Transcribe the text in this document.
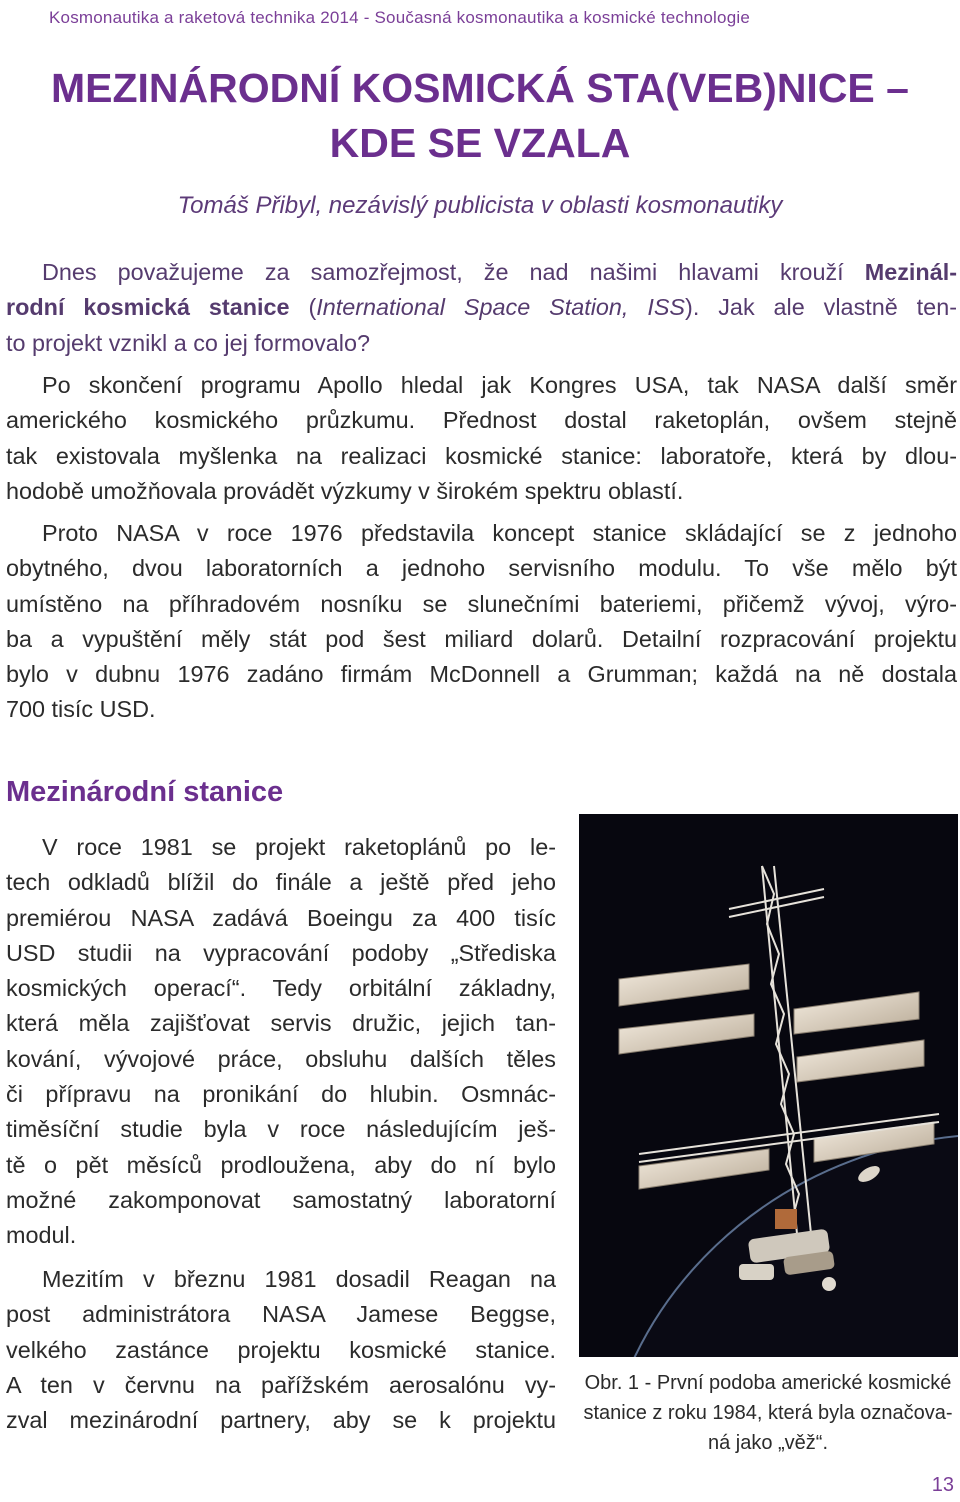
Kosmonautika a raketová technika 2014 - Současná kosmonautika a kosmické technologie
MEZINÁRODNÍ KOSMICKÁ STA(VEB)NICE –
KDE SE VZALA
Tomáš Přibyl, nezávislý publicista v oblasti kosmonautiky
Dnes považujeme za samozřejmost, že nad našimi hlavami krouží Mezinál-
rodní kosmická stanice (International Space Station, ISS). Jak ale vlastně ten-
to projekt vznikl a co jej formovalo?
Po skončení programu Apollo hledal jak Kongres USA, tak NASA další směr
amerického kosmického průzkumu. Přednost dostal raketoplán, ovšem stejně
tak existovala myšlenka na realizaci kosmické stanice: laboratoře, která by dlou-
hodobě umožňovala provádět výzkumy v širokém spektru oblastí.
Proto NASA v roce 1976 představila koncept stanice skládající se z jednoho
obytného, dvou laboratorních a jednoho servisního modulu. To vše mělo být
umístěno na příhradovém nosníku se slunečními bateriemi, přičemž vývoj, výro-
ba a vypuštění měly stát pod šest miliard dolarů. Detailní rozpracování projektu
bylo v dubnu 1976 zadáno firmám McDonnell a Grumman; každá na ně dostala
700 tisíc USD.
Mezinárodní stanice
V roce 1981 se projekt raketoplánů po le-
tech odkladů blížil do finále a ještě před jeho
premiérou NASA zadává Boeingu za 400 tisíc
USD studii na vypracování podoby „Střediska
kosmických operací“. Tedy orbitální základny,
která měla zajišťovat servis družic, jejich tan-
kování, vývojové práce, obsluhu dalších těles
či přípravu na pronikání do hlubin. Osmnác-
timěsíční studie byla v roce následujícím ješ-
tě o pět měsíců prodloužena, aby do ní bylo
možné zakomponovat samostatný laboratorní
modul.
Mezitím v březnu 1981 dosadil Reagan na
post administrátora NASA Jamese Beggse,
velkého zastánce projektu kosmické stanice.
A ten v červnu na pařížském aerosalónu vy-
zval mezinárodní partnery, aby se k projektu
Obr. 1 - První podoba americké kosmické
stanice z roku 1984, která byla označova-
ná jako „věž“.
13
